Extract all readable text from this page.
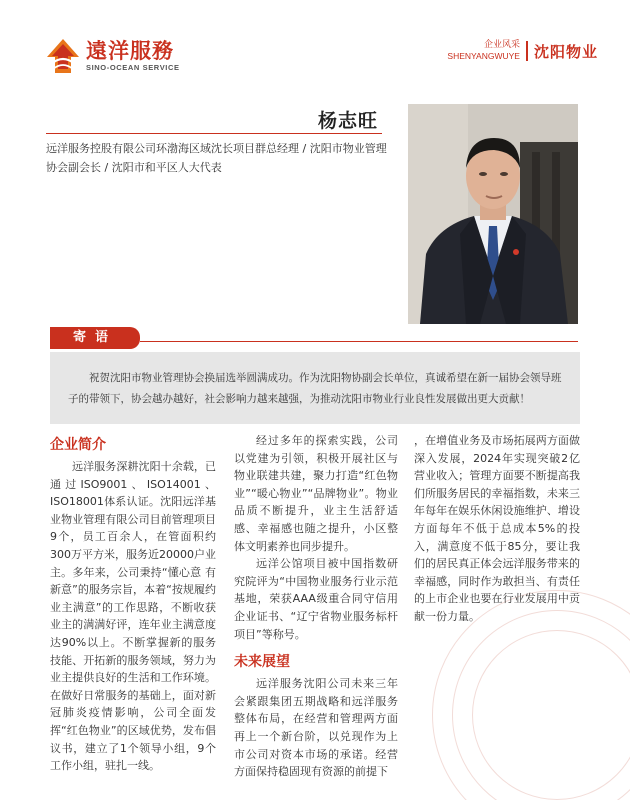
遠洋服務
SINO-OCEAN SERVICE
企业风采
SHENYANGWUYE 沈阳物业
杨志旺
远洋服务控股有限公司环渤海区域沈长项目群总经理 / 沈阳市物业管理协会副会长 / 沈阳市和平区人大代表
寄语
祝贺沈阳市物业管理协会换届选举圆满成功。作为沈阳物协副会长单位，真诚希望在新一届协会领导班子的带领下，协会越办越好，社会影响力越来越强，为推动沈阳市物业行业良性发展做出更大贡献！
企业简介

远洋服务深耕沈阳十余载，已通过ISO9001、ISO14001、ISO18001体系认证。沈阳远洋基业物业管理有限公司目前管理项目9个，员工百余人，在管面积约300万平方米，服务近20000户业主。多年来，公司秉持“懂心意 有新意”的服务宗旨，本着“按规履约 业主满意”的工作思路，不断收获业主的满满好评，连年业主满意度达90%以上。不断掌握新的服务技能、开拓新的服务领域，努力为业主提供良好的生活和工作环境。在做好日常服务的基础上，面对新冠肺炎疫情影响，公司全面发挥“红色物业”的区域优势，发布倡议书，建立了1个领导小组，9个工作小组，驻扎一线。

经过多年的探索实践，公司以党建为引领，积极开展社区与物业联建共建，聚力打造“红色物业”“暖心物业”“品牌物业”。物业品质不断提升，业主生活舒适感、幸福感也随之提升，小区整体文明素养也同步提升。

远洋公馆项目被中国指数研究院评为“中国物业服务行业示范基地，荣获AAA级重合同守信用企业证书、“辽宁省物业服务标杆项目”等称号。

未来展望

远洋服务沈阳公司未来三年会紧跟集团五期战略和远洋服务整体布局，在经营和管理两方面再上一个新台阶，以兑现作为上市公司对资本市场的承诺。经营方面保持稳固现有资源的前提下

，在增值业务及市场拓展两方面做深入发展，2024年实现突破2亿营业收入；管理方面要不断提高我们所服务居民的幸福指数，未来三年每年在娱乐休闲设施维护、增设方面每年不低于总成本5%的投入，满意度不低于85分，要让我们的居民真正体会远洋服务带来的幸福感，同时作为敢担当、有责任的上市企业也要在行业发展用中贡献一份力量。
